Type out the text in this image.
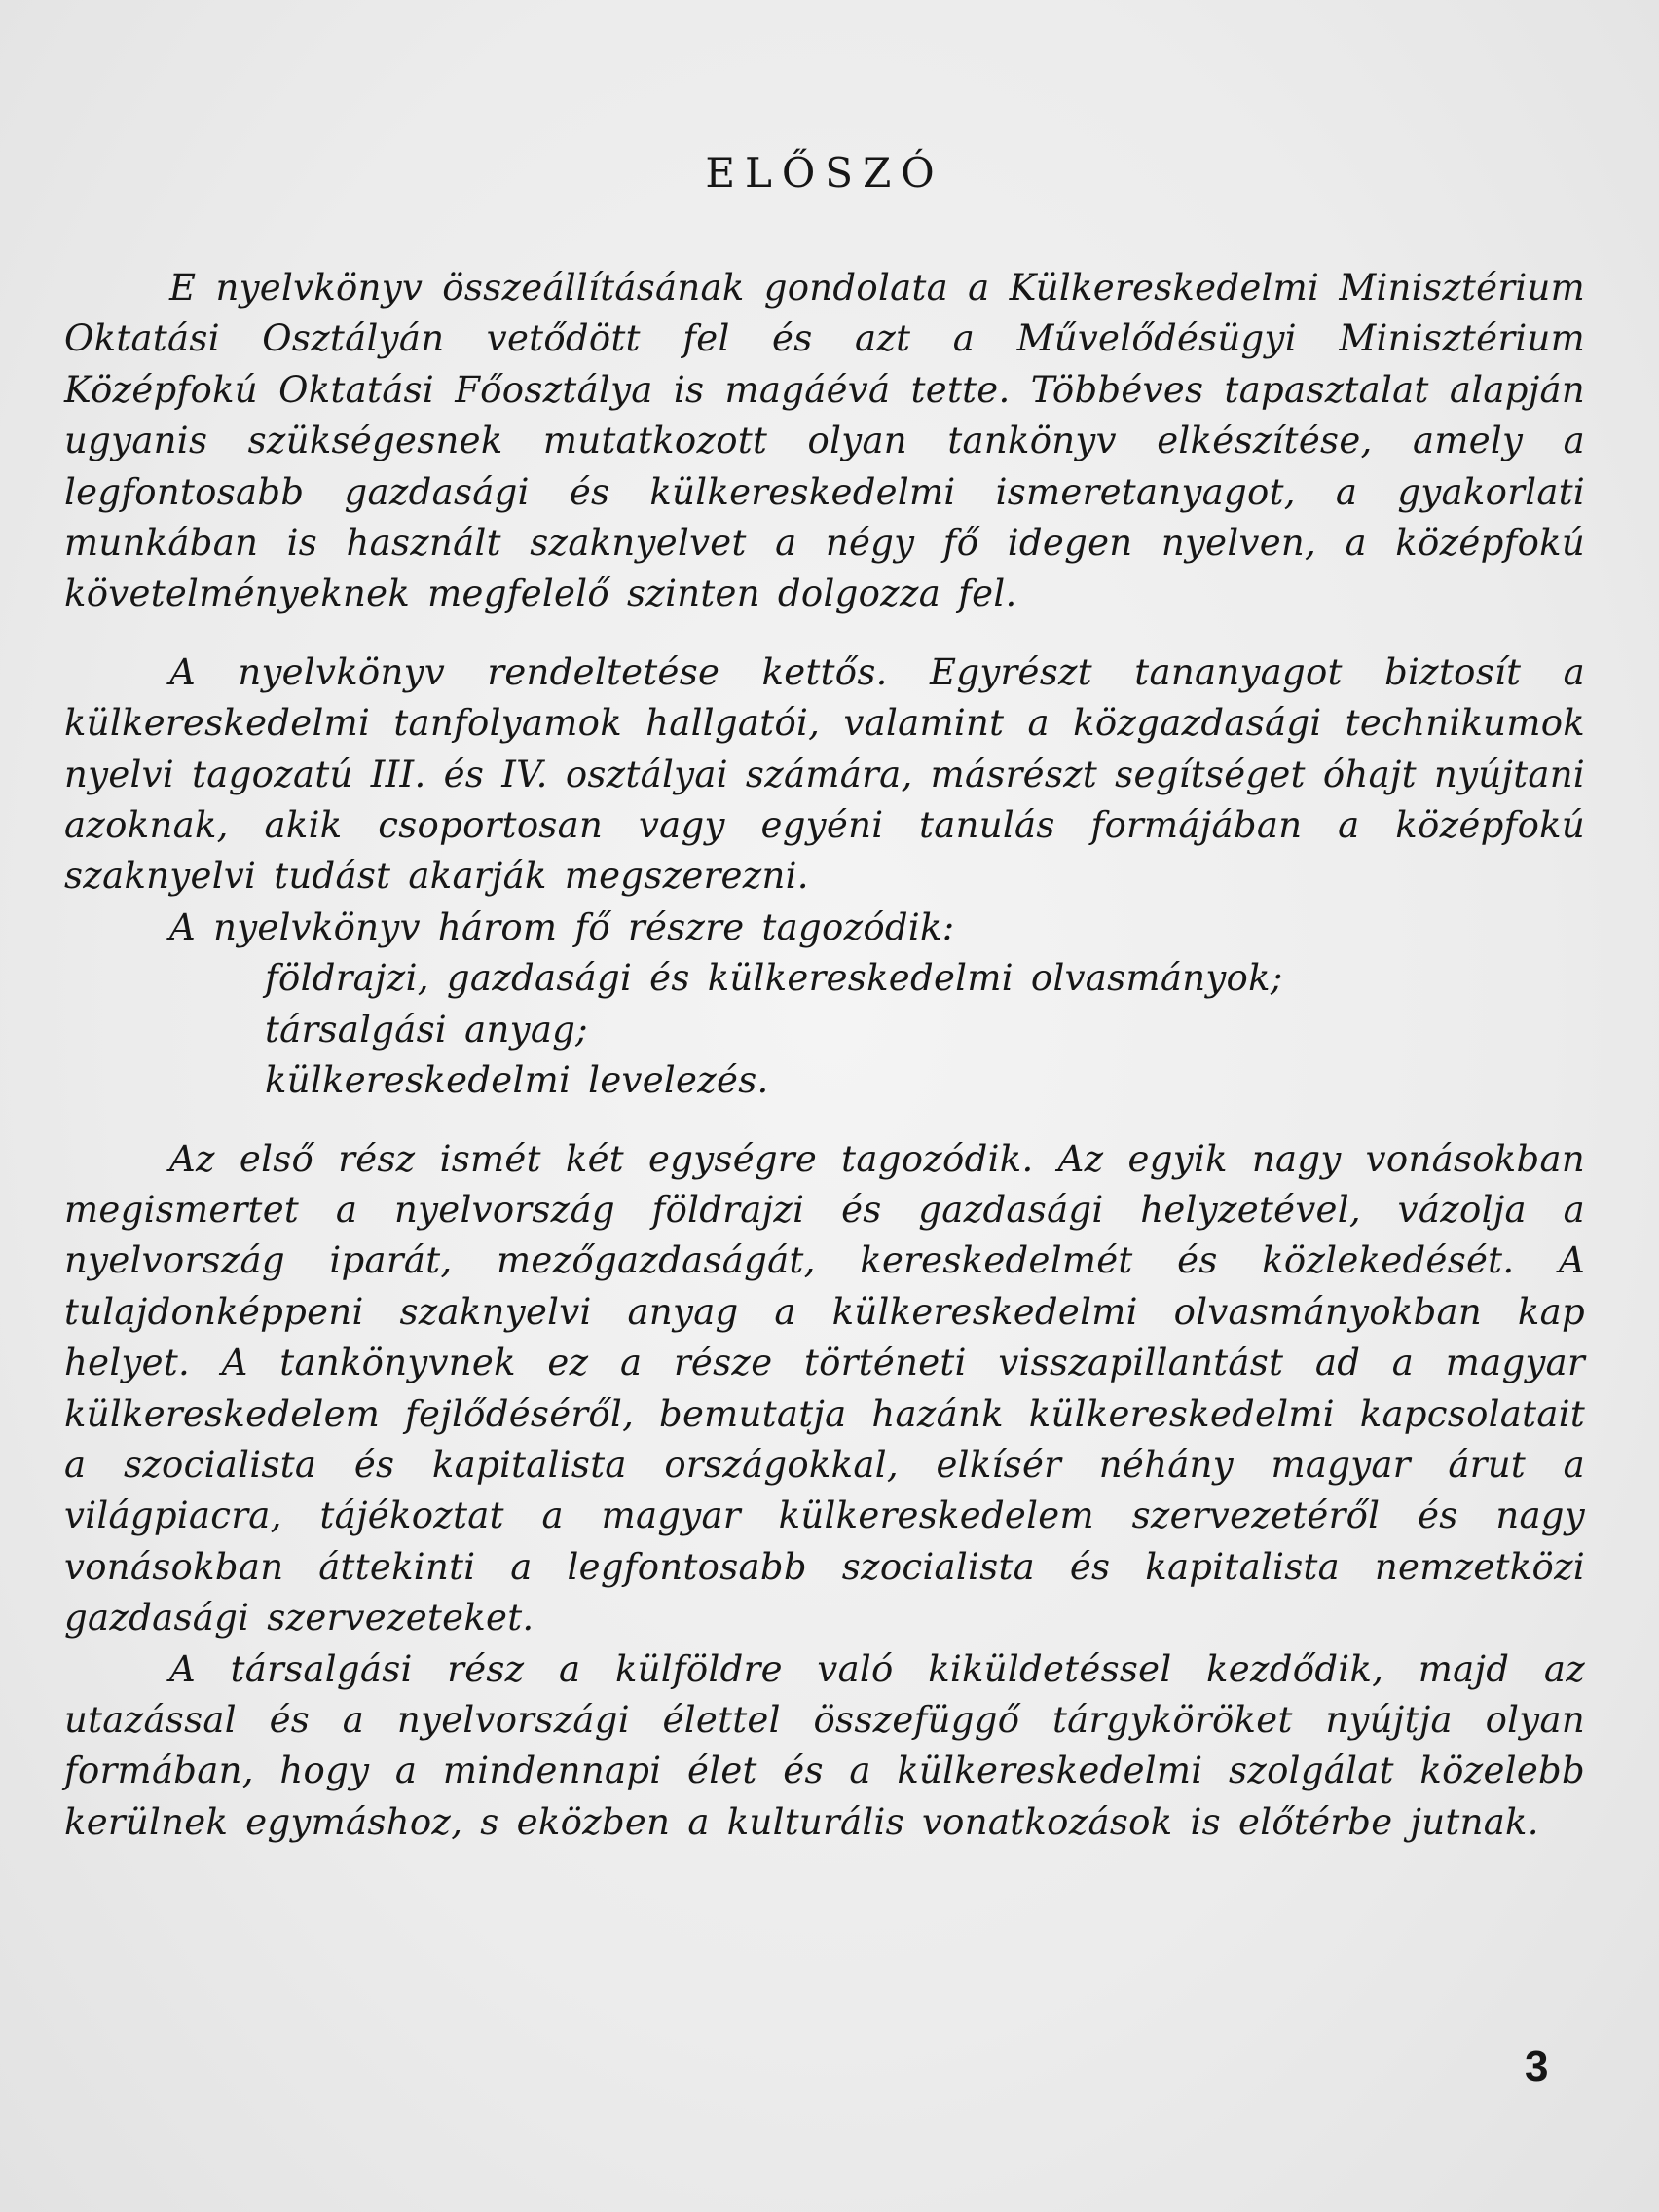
ELŐSZÓ

E nyelvkönyv összeállításának gondolata a Külkereskedelmi Minisztérium Oktatási Osztályán vetődött fel és azt a Művelődésügyi Minisztérium Középfokú Oktatási Főosztálya is magáévá tette. Többéves tapasztalat alapján ugyanis szükségesnek mutatkozott olyan tankönyv elkészítése, amely a legfontosabb gazdasági és külkereskedelmi ismeretanyagot, a gyakorlati munkában is használt szaknyelvet a négy fő idegen nyelven, a középfokú követelményeknek megfelelő szinten dolgozza fel.

A nyelvkönyv rendeltetése kettős. Egyrészt tananyagot biztosít a külkereskedelmi tanfolyamok hallgatói, valamint a közgazdasági technikumok nyelvi tagozatú III. és IV. osztályai számára, másrészt segítséget óhajt nyújtani azoknak, akik csoportosan vagy egyéni tanulás formájában a középfokú szaknyelvi tudást akarják megszerezni.

A nyelvkönyv három fő részre tagozódik:

földrajzi, gazdasági és külkereskedelmi olvasmányok;
társalgási anyag;
külkereskedelmi levelezés.

Az első rész ismét két egységre tagozódik. Az egyik nagy vonásokban megismertet a nyelvország földrajzi és gazdasági helyzetével, vázolja a nyelvország iparát, mezőgazdaságát, kereskedelmét és közlekedését. A tulajdonképpeni szaknyelvi anyag a külkereskedelmi olvasmányokban kap helyet. A tankönyvnek ez a része történeti visszapillantást ad a magyar külkereskedelem fejlődéséről, bemutatja hazánk külkereskedelmi kapcsolatait a szocialista és kapitalista országokkal, elkísér néhány magyar árut a világpiacra, tájékoztat a magyar külkereskedelem szervezetéről és nagy vonásokban áttekinti a legfontosabb szocialista és kapitalista nemzetközi gazdasági szervezeteket.

A társalgási rész a külföldre való kiküldetéssel kezdődik, majd az utazással és a nyelvországi élettel összefüggő tárgyköröket nyújtja olyan formában, hogy a mindennapi élet és a külkereskedelmi szolgálat közelebb kerülnek egymáshoz, s eközben a kulturális vonatkozások is előtérbe jutnak.

3
